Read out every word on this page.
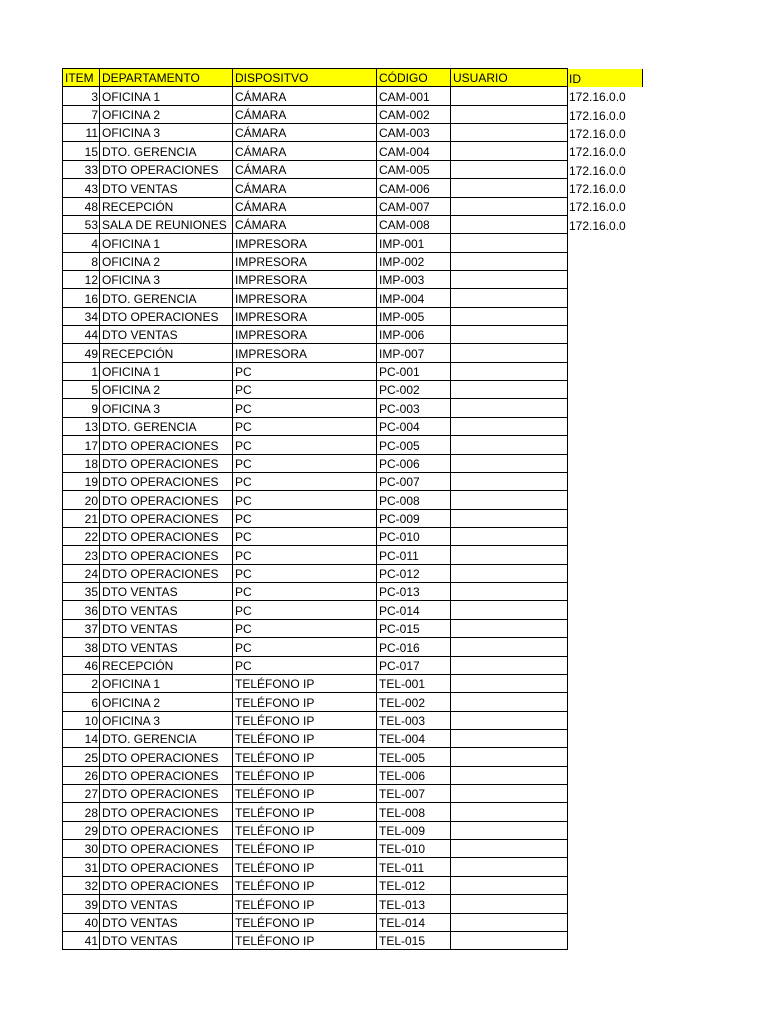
ITEM	DEPARTAMENTO	DISPOSITVO	CÓDIGO	USUARIO	ID
3	OFICINA 1	CÁMARA	CAM-001		172.16.0.0
7	OFICINA 2	CÁMARA	CAM-002		172.16.0.0
11	OFICINA 3	CÁMARA	CAM-003		172.16.0.0
15	DTO. GERENCIA	CÁMARA	CAM-004		172.16.0.0
33	DTO OPERACIONES	CÁMARA	CAM-005		172.16.0.0
43	DTO VENTAS	CÁMARA	CAM-006		172.16.0.0
48	RECEPCIÓN	CÁMARA	CAM-007		172.16.0.0
53	SALA DE REUNIONES	CÁMARA	CAM-008		172.16.0.0
4	OFICINA 1	IMPRESORA	IMP-001		
8	OFICINA 2	IMPRESORA	IMP-002		
12	OFICINA 3	IMPRESORA	IMP-003		
16	DTO. GERENCIA	IMPRESORA	IMP-004		
34	DTO OPERACIONES	IMPRESORA	IMP-005		
44	DTO VENTAS	IMPRESORA	IMP-006		
49	RECEPCIÓN	IMPRESORA	IMP-007		
1	OFICINA 1	PC	PC-001		
5	OFICINA 2	PC	PC-002		
9	OFICINA 3	PC	PC-003		
13	DTO. GERENCIA	PC	PC-004		
17	DTO OPERACIONES	PC	PC-005		
18	DTO OPERACIONES	PC	PC-006		
19	DTO OPERACIONES	PC	PC-007		
20	DTO OPERACIONES	PC	PC-008		
21	DTO OPERACIONES	PC	PC-009		
22	DTO OPERACIONES	PC	PC-010		
23	DTO OPERACIONES	PC	PC-011		
24	DTO OPERACIONES	PC	PC-012		
35	DTO VENTAS	PC	PC-013		
36	DTO VENTAS	PC	PC-014		
37	DTO VENTAS	PC	PC-015		
38	DTO VENTAS	PC	PC-016		
46	RECEPCIÓN	PC	PC-017		
2	OFICINA 1	TELÉFONO IP	TEL-001		
6	OFICINA 2	TELÉFONO IP	TEL-002		
10	OFICINA 3	TELÉFONO IP	TEL-003		
14	DTO. GERENCIA	TELÉFONO IP	TEL-004		
25	DTO OPERACIONES	TELÉFONO IP	TEL-005		
26	DTO OPERACIONES	TELÉFONO IP	TEL-006		
27	DTO OPERACIONES	TELÉFONO IP	TEL-007		
28	DTO OPERACIONES	TELÉFONO IP	TEL-008		
29	DTO OPERACIONES	TELÉFONO IP	TEL-009		
30	DTO OPERACIONES	TELÉFONO IP	TEL-010		
31	DTO OPERACIONES	TELÉFONO IP	TEL-011		
32	DTO OPERACIONES	TELÉFONO IP	TEL-012		
39	DTO VENTAS	TELÉFONO IP	TEL-013		
40	DTO VENTAS	TELÉFONO IP	TEL-014		
41	DTO VENTAS	TELÉFONO IP	TEL-015		
